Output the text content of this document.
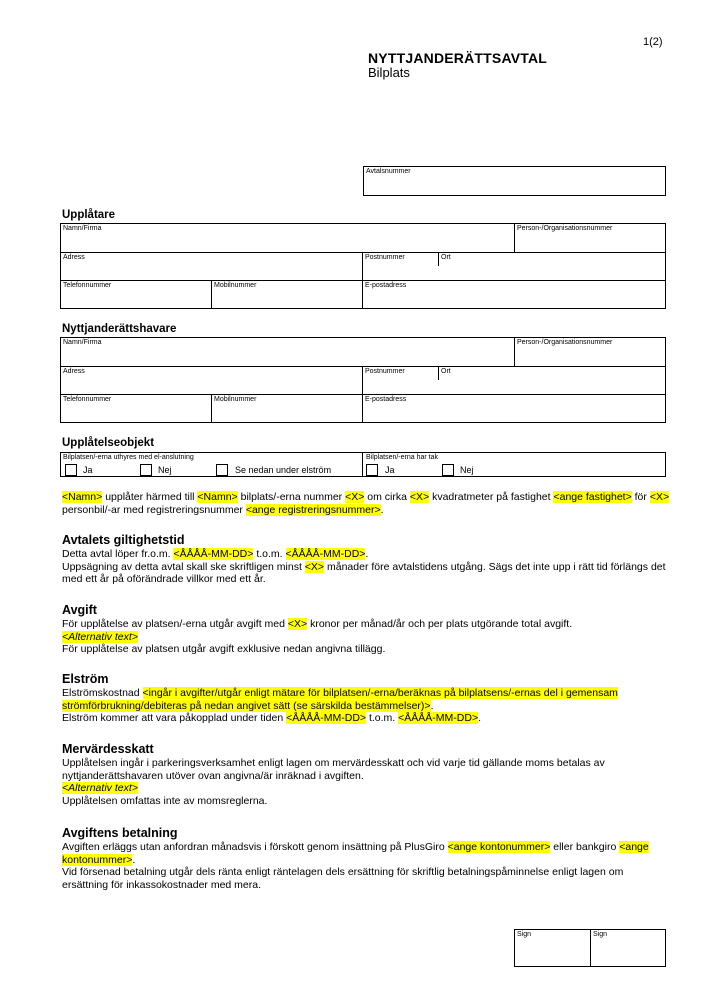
1(2)
NYTTJANDERÄTTSAVTAL
Bilplats
Avtalsnummer
Upplåtare
Namn/Firma	Person-/Organisationsnummer
Adress	Postnummer	Ort
Telefonnummer	Mobilnummer	E-postadress
Nyttjanderättshavare
Namn/Firma	Person-/Organisationsnummer
Adress	Postnummer	Ort
Telefonnummer	Mobilnummer	E-postadress
Upplåtelseobjekt
Bilplatsen/-erna uthyres med el-anslutning
Ja	Nej	Se nedan under elström
Bilplatsen/-erna har tak
Ja	Nej

<Namn> upplåter härmed till <Namn> bilplats/-erna nummer <X> om cirka <X> kvadratmeter på fastighet <ange fastighet> för <X> personbil/-ar med registreringsnummer <ange registreringsnummer>.

Avtalets giltighetstid

Detta avtal löper fr.o.m. <ÅÅÅÅ-MM-DD> t.o.m. <ÅÅÅÅ-MM-DD>.

Uppsägning av detta avtal skall ske skriftligen minst <X> månader före avtalstidens utgång. Sägs det inte upp i rätt tid förlängs det med ett år på oförändrade villkor med ett år.

Avgift

För upplåtelse av platsen/-erna utgår avgift med <X> kronor per månad/år och per plats utgörande total avgift.

<Alternativ text>

För upplåtelse av platsen utgår avgift exklusive nedan angivna tillägg.

Elström

Elströmskostnad <ingår i avgifter/utgår enligt mätare för bilplatsen/-erna/beräknas på bilplatsens/-ernas del i gemensam strömförbrukning/debiteras på nedan angivet sätt (se särskilda bestämmelser)>.

Elström kommer att vara påkopplad under tiden <ÅÅÅÅ-MM-DD> t.o.m. <ÅÅÅÅ-MM-DD>.

Mervärdesskatt

Upplåtelsen ingår i parkeringsverksamhet enligt lagen om mervärdesskatt och vid varje tid gällande moms betalas av nyttjanderättshavaren utöver ovan angivna/är inräknad i avgiften.

<Alternativ text>

Upplåtelsen omfattas inte av momsreglerna.

Avgiftens betalning

Avgiften erläggs utan anfordran månadsvis i förskott genom insättning på PlusGiro <ange kontonummer> eller bankgiro <ange kontonummer>.

Vid försenad betalning utgår dels ränta enligt räntelagen dels ersättning för skriftlig betalningspåminnelse enligt lagen om ersättning för inkassokostnader med mera.

Sign	Sign
